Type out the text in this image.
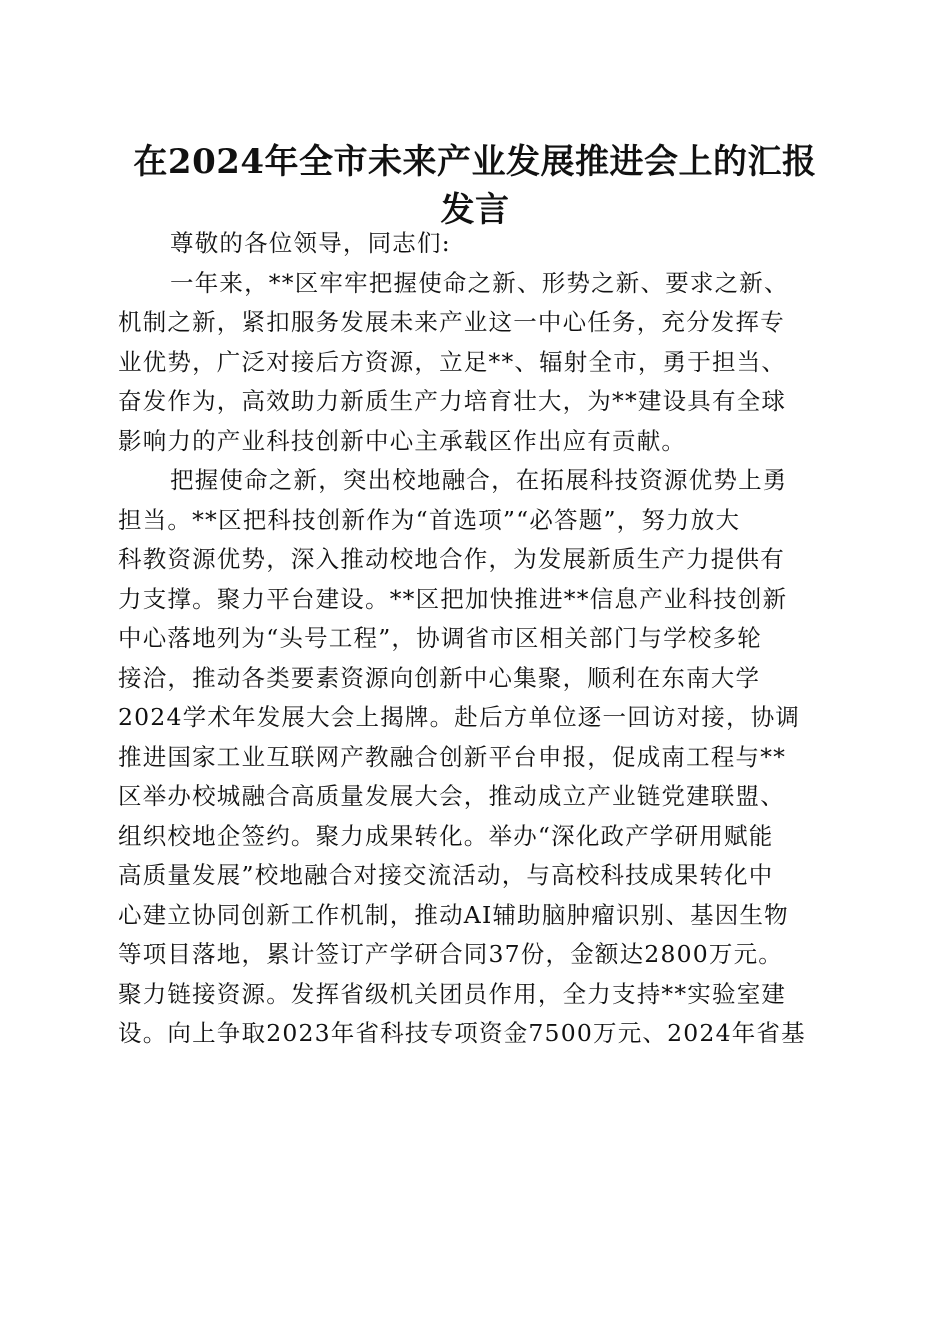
在2024年全市未来产业发展推进会上的汇报
发言
尊敬的各位领导，同志们:
一年来，**区牢牢把握使命之新、形势之新、要求之新、
机制之新，紧扣服务发展未来产业这一中心任务，充分发挥专
业优势，广泛对接后方资源，立足**、辐射全市，勇于担当、
奋发作为，高效助力新质生产力培育壮大，为**建设具有全球
影响力的产业科技创新中心主承载区作出应有贡献。
把握使命之新，突出校地融合，在拓展科技资源优势上勇
担当。**区把科技创新作为“首选项”“必答题”，努力放大
科教资源优势，深入推动校地合作，为发展新质生产力提供有
力支撑。聚力平台建设。**区把加快推进**信息产业科技创新
中心落地列为“头号工程”，协调省市区相关部门与学校多轮
接洽，推动各类要素资源向创新中心集聚，顺利在东南大学
2024学术年发展大会上揭牌。赴后方单位逐一回访对接，协调
推进国家工业互联网产教融合创新平台申报，促成南工程与**
区举办校城融合高质量发展大会，推动成立产业链党建联盟、
组织校地企签约。聚力成果转化。举办“深化政产学研用赋能
高质量发展”校地融合对接交流活动，与高校科技成果转化中
心建立协同创新工作机制，推动AI辅助脑肿瘤识别、基因生物
等项目落地，累计签订产学研合同37份，金额达2800万元。
聚力链接资源。发挥省级机关团员作用，全力支持**实验室建
设。向上争取2023年省科技专项资金7500万元、2024年省基
